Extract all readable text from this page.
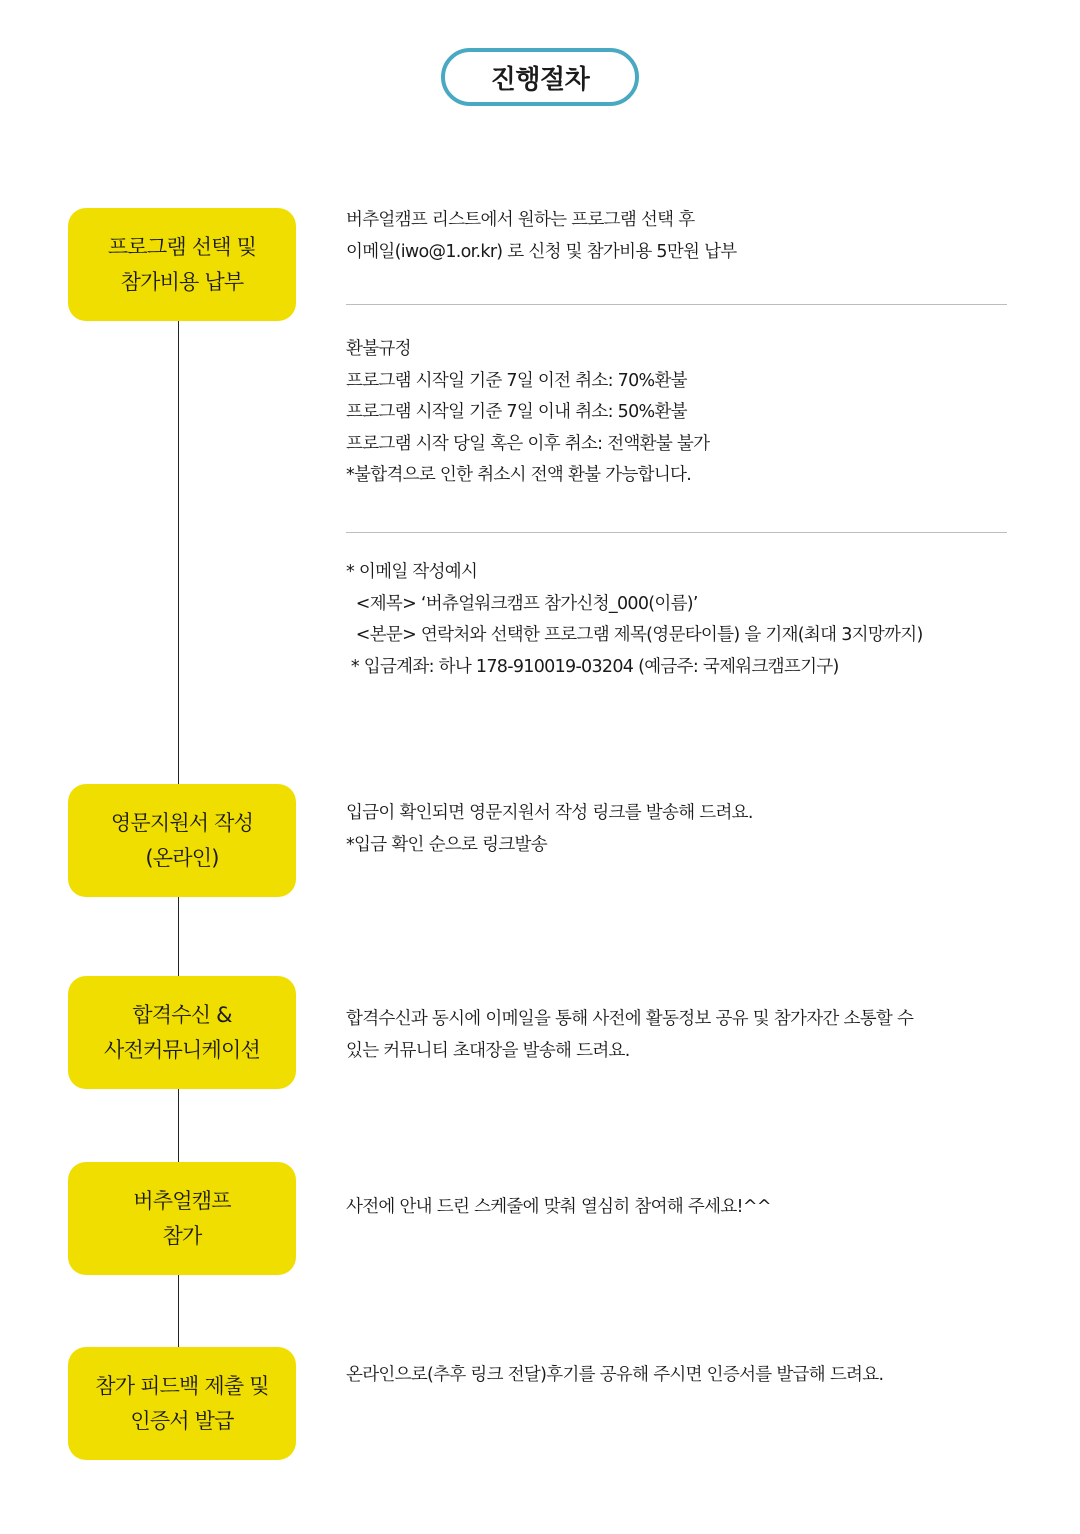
진행절차
프로그램 선택 및
참가비용 납부
버추얼캠프 리스트에서 원하는 프로그램 선택 후
이메일(iwo@1.or.kr) 로 신청 및 참가비용 5만원 납부
환불규정
프로그램 시작일 기준 7일 이전 취소: 70%환불
프로그램 시작일 기준 7일 이내 취소: 50%환불
프로그램 시작 당일 혹은 이후 취소: 전액환불 불가
*불합격으로 인한 취소시 전액 환불 가능합니다.
* 이메일 작성예시
<제목> ‘버츄얼워크캠프 참가신청_000(이름)’
<본문> 연락처와 선택한 프로그램 제목(영문타이틀) 을 기재(최대 3지망까지)
* 입금계좌: 하나 178-910019-03204 (예금주: 국제워크캠프기구)
영문지원서 작성
(온라인)
입금이 확인되면 영문지원서 작성 링크를 발송해 드려요.
*입금 확인 순으로 링크발송
합격수신 &
사전커뮤니케이션
합격수신과 동시에 이메일을 통해 사전에 활동정보 공유 및 참가자간 소통할 수
있는 커뮤니티 초대장을 발송해 드려요.
버추얼캠프
참가
사전에 안내 드린 스케줄에 맞춰 열심히 참여해 주세요!^^
참가 피드백 제출 및
인증서 발급
온라인으로(추후 링크 전달)후기를 공유해 주시면 인증서를 발급해 드려요.
